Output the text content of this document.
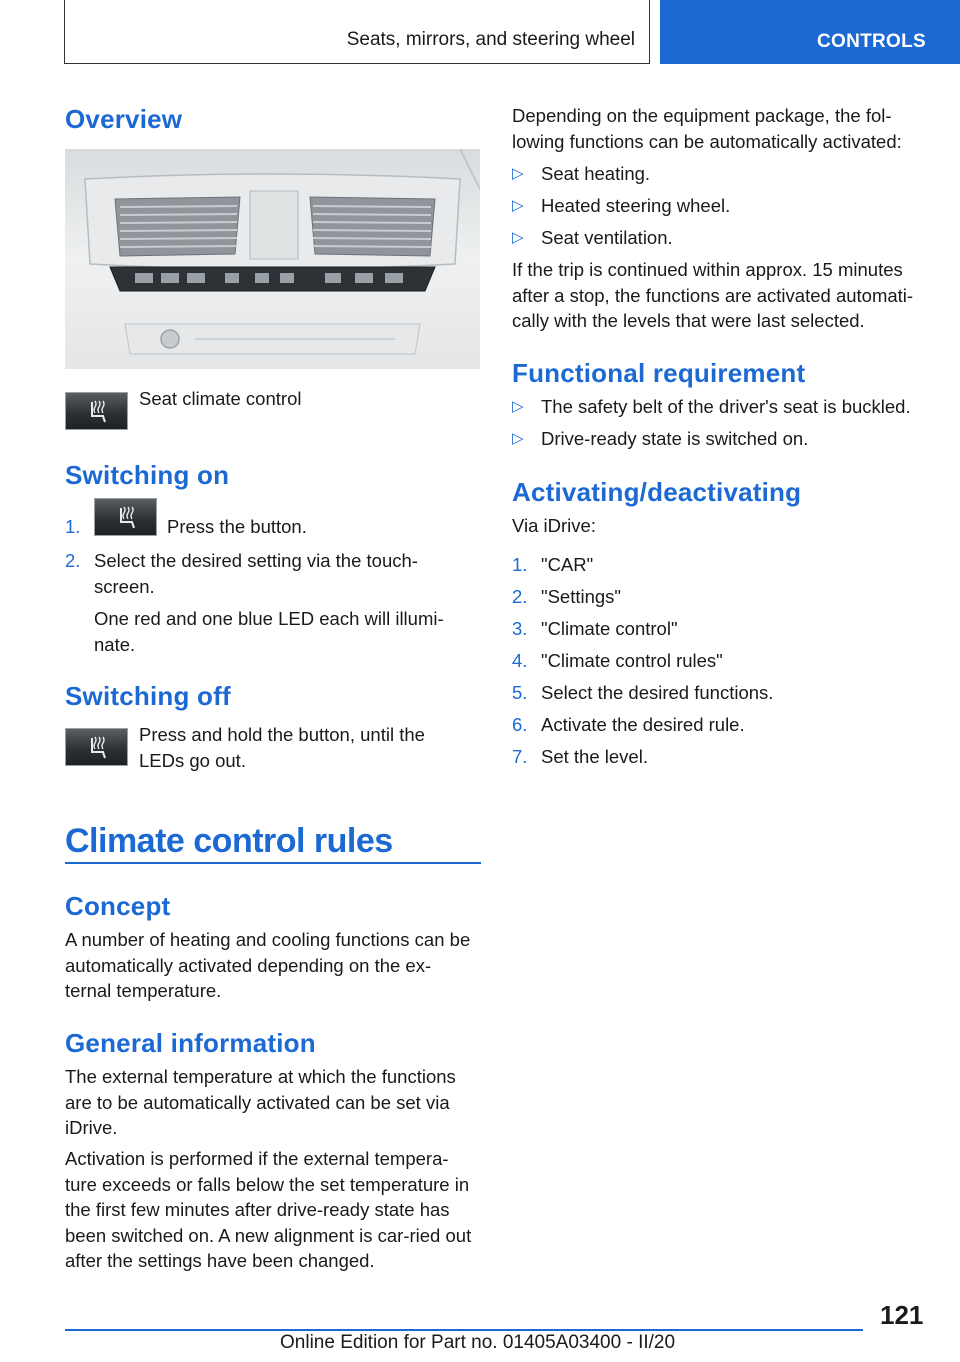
Seats, mirrors, and steering wheel	CONTROLS
Overview

Seat climate control

Switching on
1.	Press the button.
2. Select the desired setting via the touch-screen.

One red and one blue LED each will illumi-nate.

Switching off

Press and hold the button, until the LEDs go out.

Climate control rules
Concept

A number of heating and cooling functions can be automatically activated depending on the ex-ternal temperature.

General information

The external temperature at which the functions are to be automatically activated can be set via iDrive.

Activation is performed if the external tempera-ture exceeds or falls below the set temperature in the first few minutes after drive-ready state has been switched on. A new alignment is car-ried out after the settings have been changed.

Depending on the equipment package, the fol-lowing functions can be automatically activated:

▷ Seat heating.
▷ Heated steering wheel.
▷ Seat ventilation.

If the trip is continued within approx. 15 minutes after a stop, the functions are activated automati-cally with the levels that were last selected.

Functional requirement
▷ The safety belt of the driver's seat is buckled.
▷ Drive-ready state is switched on.
Activating/deactivating

Via iDrive:

1. "CAR"
2. "Settings"
3. "Climate control"
4. "Climate control rules"
5. Select the desired functions.
6. Activate the desired rule.
7. Set the level.
121
Online Edition for Part no. 01405A03400 - II/20
